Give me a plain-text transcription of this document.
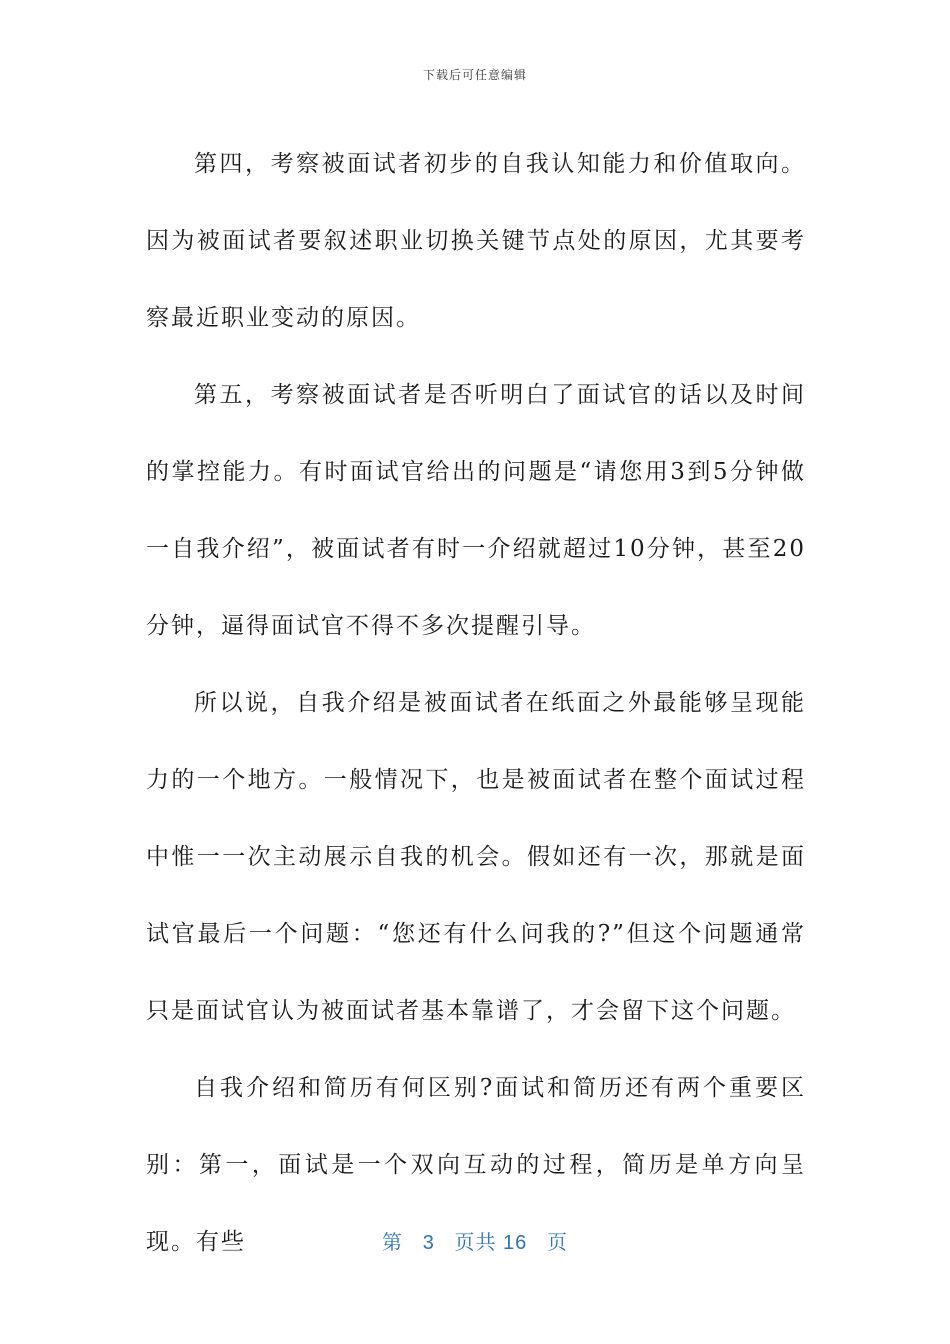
下载后可任意编辑

第四，考察被面试者初步的自我认知能力和价值取向。因为被面试者要叙述职业切换关键节点处的原因，尤其要考察最近职业变动的原因。

第五，考察被面试者是否听明白了面试官的话以及时间的掌控能力。有时面试官给出的问题是“请您用3到5分钟做一自我介绍”，被面试者有时一介绍就超过10分钟，甚至20分钟，逼得面试官不得不多次提醒引导。

所以说，自我介绍是被面试者在纸面之外最能够呈现能力的一个地方。一般情况下，也是被面试者在整个面试过程中惟一一次主动展示自我的机会。假如还有一次，那就是面试官最后一个问题：“您还有什么问我的?”但这个问题通常只是面试官认为被面试者基本靠谱了，才会留下这个问题。

自我介绍和简历有何区别?面试和简历还有两个重要区别：第一，面试是一个双向互动的过程，简历是单方向呈现。有些	第 3 页共 16 页
